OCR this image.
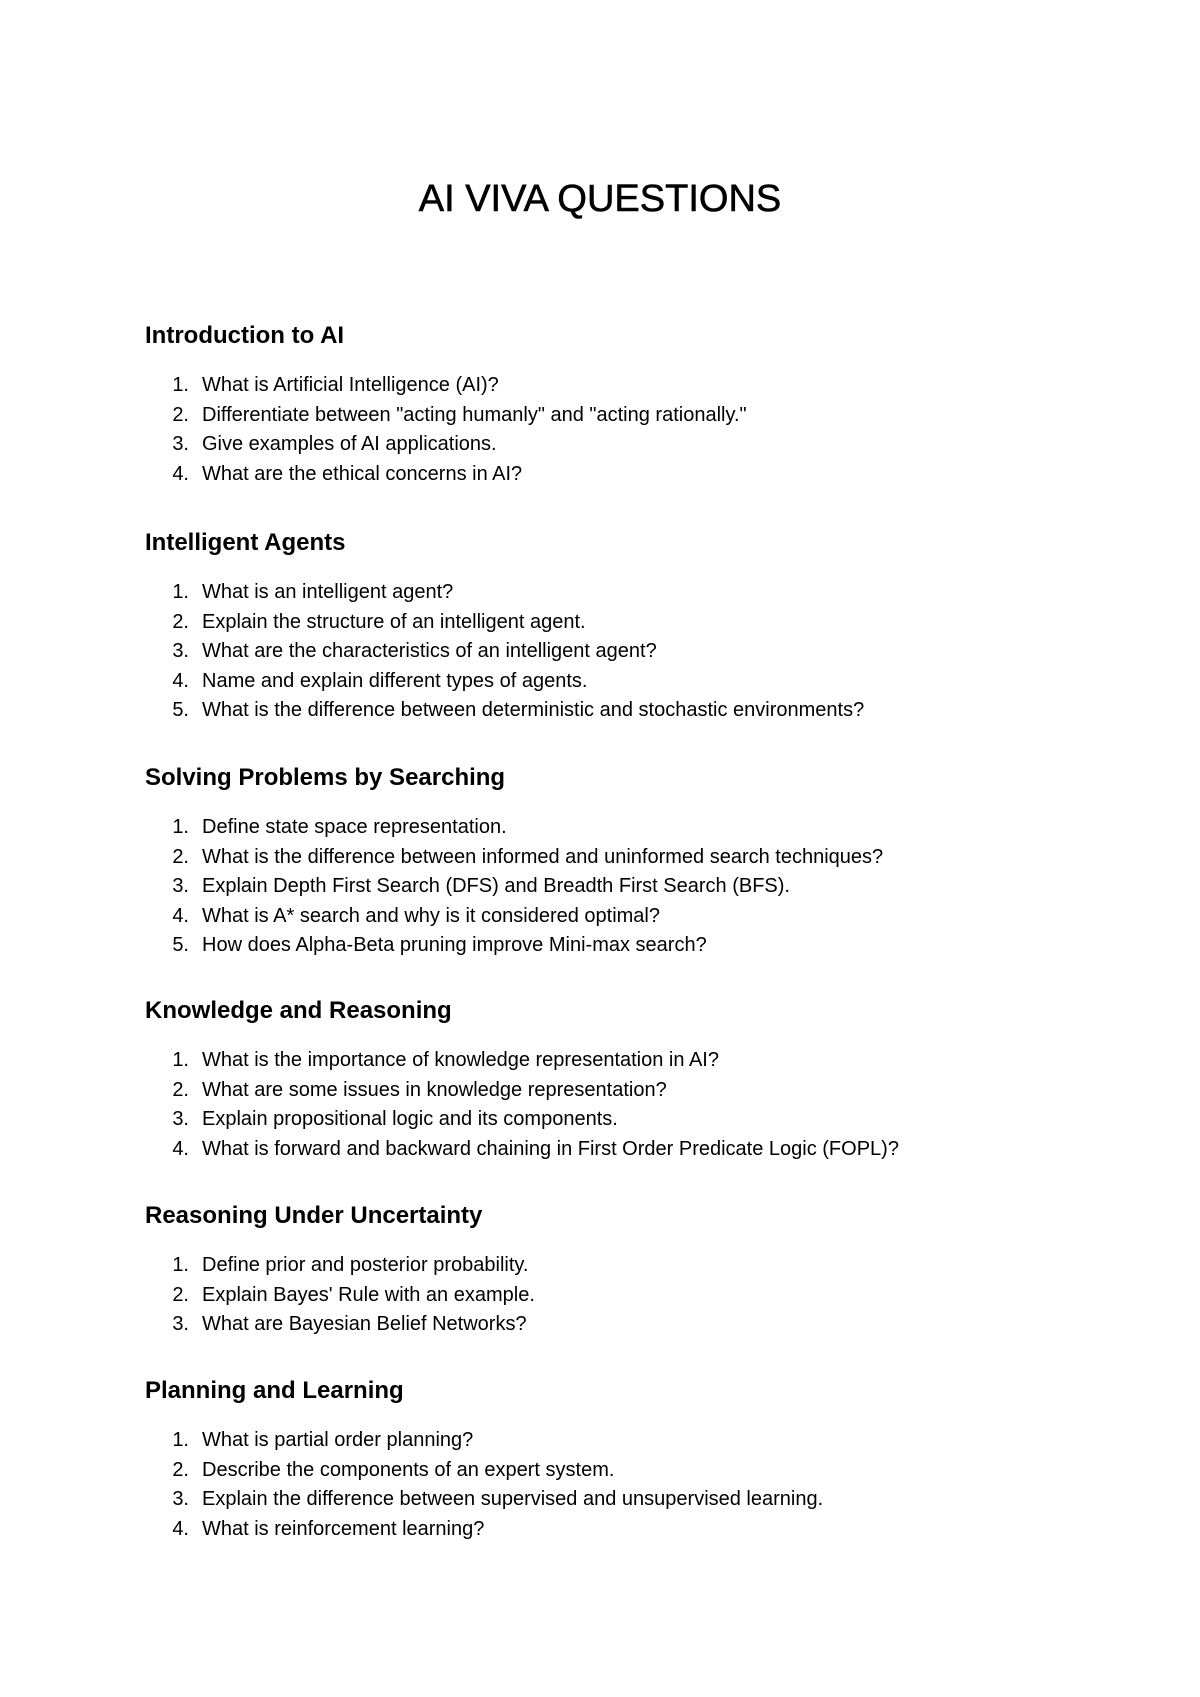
AI VIVA QUESTIONS
Introduction to AI
1. What is Artificial Intelligence (AI)?
2. Differentiate between "acting humanly" and "acting rationally."
3. Give examples of AI applications.
4. What are the ethical concerns in AI?
Intelligent Agents
1. What is an intelligent agent?
2. Explain the structure of an intelligent agent.
3. What are the characteristics of an intelligent agent?
4. Name and explain different types of agents.
5. What is the difference between deterministic and stochastic environments?
Solving Problems by Searching
1. Define state space representation.
2. What is the difference between informed and uninformed search techniques?
3. Explain Depth First Search (DFS) and Breadth First Search (BFS).
4. What is A* search and why is it considered optimal?
5. How does Alpha-Beta pruning improve Mini-max search?
Knowledge and Reasoning
1. What is the importance of knowledge representation in AI?
2. What are some issues in knowledge representation?
3. Explain propositional logic and its components.
4. What is forward and backward chaining in First Order Predicate Logic (FOPL)?
Reasoning Under Uncertainty
1. Define prior and posterior probability.
2. Explain Bayes' Rule with an example.
3. What are Bayesian Belief Networks?
Planning and Learning
1. What is partial order planning?
2. Describe the components of an expert system.
3. Explain the difference between supervised and unsupervised learning.
4. What is reinforcement learning?
